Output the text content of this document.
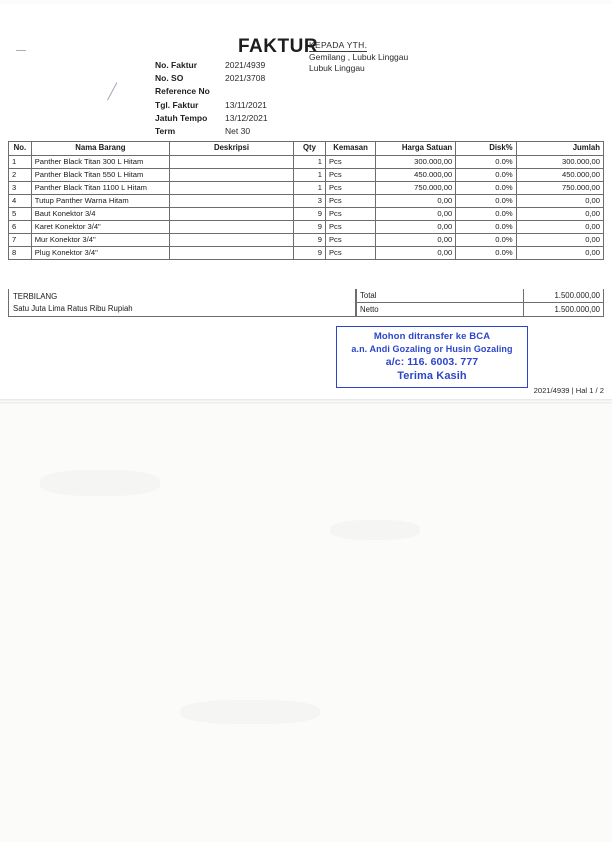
FAKTUR
KEPADA YTH.
Gemilang , Lubuk Linggau
Lubuk Linggau
No. Faktur	2021/4939
No. SO	2021/3708
Reference No
Tgl. Faktur	13/11/2021
Jatuh Tempo	13/12/2021
Term	Net 30
No.	Nama Barang	Deskripsi	Qty	Kemasan	Harga Satuan	Disk%	Jumlah
1	Panther Black Titan 300 L Hitam		1	Pcs	300.000,00	0.0%	300.000,00
2	Panther Black Titan 550 L Hitam		1	Pcs	450.000,00	0.0%	450.000,00
3	Panther Black Titan 1100 L Hitam		1	Pcs	750.000,00	0.0%	750.000,00
4	Tutup Panther Warna Hitam		3	Pcs	0,00	0.0%	0,00
5	Baut Konektor 3/4		9	Pcs	0,00	0.0%	0,00
6	Karet Konektor 3/4"		9	Pcs	0,00	0.0%	0,00
7	Mur Konektor 3/4"		9	Pcs	0,00	0.0%	0,00
8	Plug Konektor 3/4"		9	Pcs	0,00	0.0%	0,00
TERBILANG
Satu Juta Lima Ratus Ribu Rupiah
Total	1.500.000,00
Netto	1.500.000,00
Mohon ditransfer ke BCA
a.n. Andi Gozaling or Husin Gozaling
a/c: 116. 6003. 777
Terima Kasih
2021/4939 | Hal 1 / 2
